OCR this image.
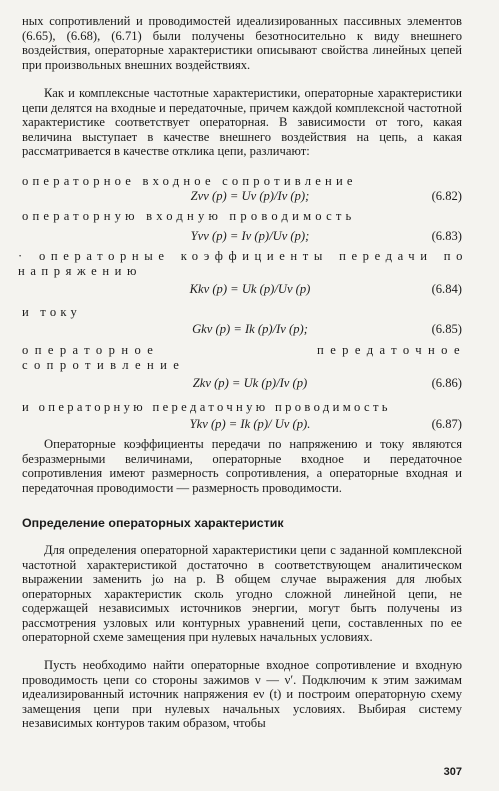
ных сопротивлений и проводимостей идеализированных пассивных элементов (6.65), (6.68), (6.71) были получены безотносительно к виду внешнего воздействия, операторные характеристики описывают свойства линейных цепей при произвольных внешних воздействиях.
Как и комплексные частотные характеристики, операторные характеристики цепи делятся на входные и передаточные, причем каждой комплексной частотной характеристике соответствует операторная. В зависимости от того, какая величина выступает в качестве внешнего воздействия на цепь, а какая рассматривается в качестве отклика цепи, различают:
операторное входное сопротивление
Zνν (p) = Uν (p)/Iν (p);	(6.82)
операторную входную проводимость
Yνν (p) = Iν (p)/Uν (p);	(6.83)
· операторные коэффициенты передачи по напряжению
Kkν (p) = Uk (p)/Uν (p)	(6.84)
и току
Gkν (p) = Ik (p)/Iν (p);	(6.85)
операторное передаточное сопротивление
Zkν (p) = Uk (p)/Iν (p)	(6.86)
и операторную передаточную проводимость
Ykν (p) = Ik (p)/ Uν (p).	(6.87)
Операторные коэффициенты передачи по напряжению и току являются безразмерными величинами, операторные входное и передаточное сопротивления имеют размерность сопротивления, а операторные входная и передаточная проводимости — размерность проводимости.
Определение операторных характеристик
Для определения операторной характеристики цепи с заданной комплексной частотной характеристикой достаточно в соответствующем аналитическом выражении заменить jω на p. В общем случае выражения для любых операторных характеристик сколь угодно сложной линейной цепи, не содержащей независимых источников энергии, могут быть получены из рассмотрения узловых или контурных уравнений цепи, составленных по ее операторной схеме замещения при нулевых начальных условиях.
Пусть необходимо найти операторные входное сопротивление и входную проводимость цепи со стороны зажимов ν — ν′. Подключим к этим зажимам идеализированный источник напряжения eν (t) и построим операторную схему замещения цепи при нулевых начальных условиях. Выбирая систему независимых контуров таким образом, чтобы
307
